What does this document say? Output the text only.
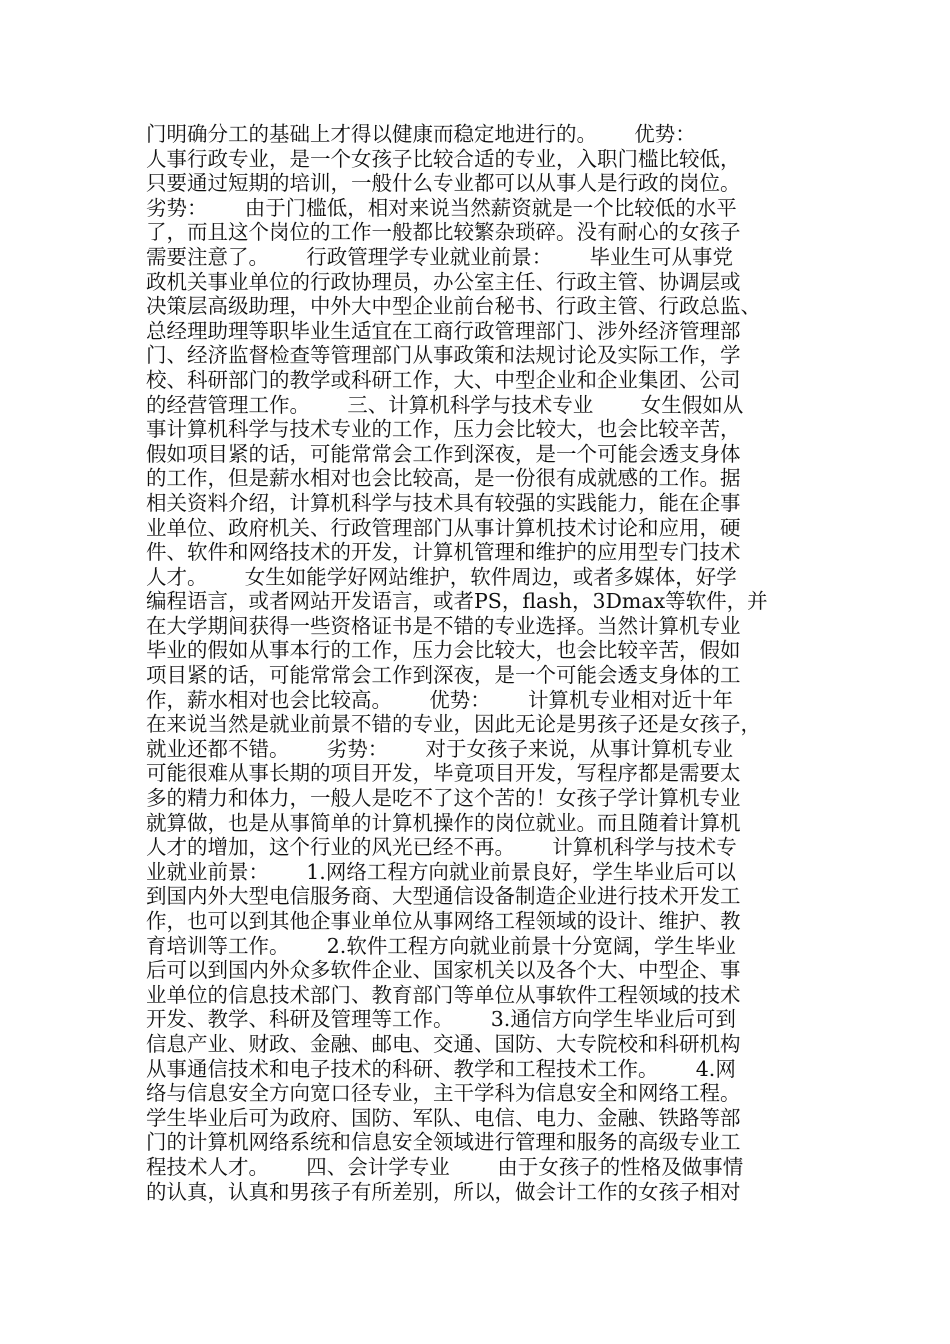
门明确分工的基础上才得以健康而稳定地进行的。　　 优势：
人事行政专业，是一个女孩子比较合适的专业，入职门槛比较低，
只要通过短期的培训，一般什么专业都可以从事人是行政的岗位。
劣势：　　 由于门槛低，相对来说当然薪资就是一个比较低的水平
了，而且这个岗位的工作一般都比较繁杂琐碎。没有耐心的女孩子
需要注意了。　　 行政管理学专业就业前景：　　 毕业生可从事党
政机关事业单位的行政协理员，办公室主任、行政主管、协调层或
决策层高级助理，中外大中型企业前台秘书、行政主管、行政总监、
总经理助理等职毕业生适宜在工商行政管理部门、涉外经济管理部
门、经济监督检查等管理部门从事政策和法规讨论及实际工作，学
校、科研部门的教学或科研工作，大、中型企业和企业集团、公司
的经营管理工作。　　 三、计算机科学与技术专业　　 女生假如从
事计算机科学与技术专业的工作，压力会比较大，也会比较辛苦，
假如项目紧的话，可能常常会工作到深夜，是一个可能会透支身体
的工作，但是薪水相对也会比较高，是一份很有成就感的工作。据
相关资料介绍，计算机科学与技术具有较强的实践能力，能在企事
业单位、政府机关、行政管理部门从事计算机技术讨论和应用，硬
件、软件和网络技术的开发，计算机管理和维护的应用型专门技术
人才。　　 女生如能学好网站维护，软件周边，或者多媒体，好学
编程语言，或者网站开发语言，或者PS，flash，3Dmax等软件，并
在大学期间获得一些资格证书是不错的专业选择。当然计算机专业
毕业的假如从事本行的工作，压力会比较大，也会比较辛苦，假如
项目紧的话，可能常常会工作到深夜，是一个可能会透支身体的工
作，薪水相对也会比较高。　　 优势：　　 计算机专业相对近十年
在来说当然是就业前景不错的专业，因此无论是男孩子还是女孩子，
就业还都不错。　　 劣势：　　 对于女孩子来说，从事计算机专业
可能很难从事长期的项目开发，毕竟项目开发，写程序都是需要太
多的精力和体力，一般人是吃不了这个苦的！女孩子学计算机专业
就算做，也是从事简单的计算机操作的岗位就业。而且随着计算机
人才的增加，这个行业的风光已经不再。　　 计算机科学与技术专
业就业前景：　　 1.网络工程方向就业前景良好，学生毕业后可以
到国内外大型电信服务商、大型通信设备制造企业进行技术开发工
作，也可以到其他企事业单位从事网络工程领域的设计、维护、教
育培训等工作。　　 2.软件工程方向就业前景十分宽阔，学生毕业
后可以到国内外众多软件企业、国家机关以及各个大、中型企、事
业单位的信息技术部门、教育部门等单位从事软件工程领域的技术
开发、教学、科研及管理等工作。　　 3.通信方向学生毕业后可到
信息产业、财政、金融、邮电、交通、国防、大专院校和科研机构
从事通信技术和电子技术的科研、教学和工程技术工作。　　 4.网
络与信息安全方向宽口径专业，主干学科为信息安全和网络工程。
学生毕业后可为政府、国防、军队、电信、电力、金融、铁路等部
门的计算机网络系统和信息安全领域进行管理和服务的高级专业工
程技术人才。　　 四、会计学专业　　 由于女孩子的性格及做事情
的认真，认真和男孩子有所差别，所以，做会计工作的女孩子相对
